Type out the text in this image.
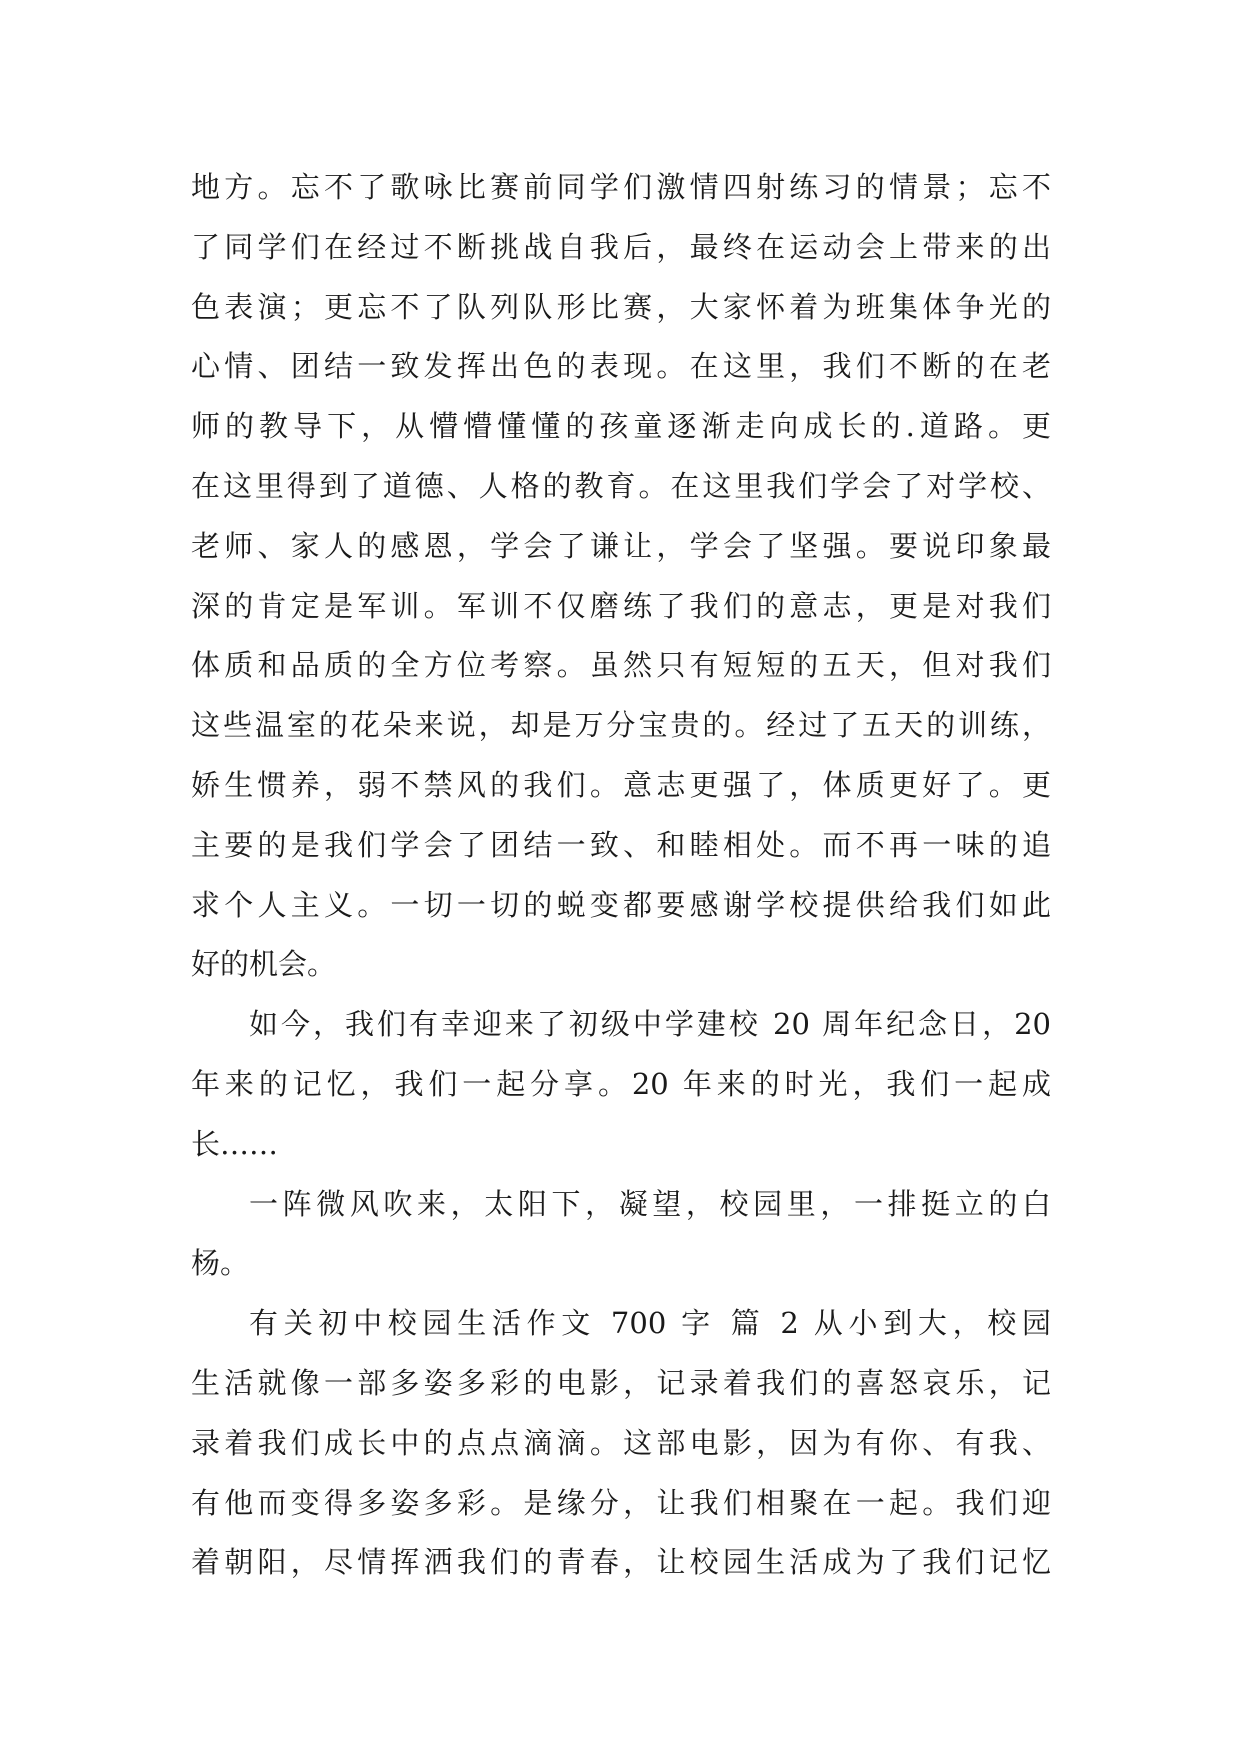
地方。忘不了歌咏比赛前同学们激情四射练习的情景；忘不
了同学们在经过不断挑战自我后，最终在运动会上带来的出
色表演；更忘不了队列队形比赛，大家怀着为班集体争光的
心情、团结一致发挥出色的表现。在这里，我们不断的在老
师的教导下，从懵懵懂懂的孩童逐渐走向成长的.道路。更
在这里得到了道德、人格的教育。在这里我们学会了对学校、
老师、家人的感恩，学会了谦让，学会了坚强。要说印象最
深的肯定是军训。军训不仅磨练了我们的意志，更是对我们
体质和品质的全方位考察。虽然只有短短的五天，但对我们
这些温室的花朵来说，却是万分宝贵的。经过了五天的训练，
娇生惯养，弱不禁风的我们。意志更强了，体质更好了。更
主要的是我们学会了团结一致、和睦相处。而不再一味的追
求个人主义。一切一切的蜕变都要感谢学校提供给我们如此
好的机会。
如今，我们有幸迎来了初级中学建校 20 周年纪念日，20
年来的记忆，我们一起分享。20 年来的时光，我们一起成
长……
一阵微风吹来，太阳下，凝望，校园里，一排挺立的白
杨。
有关初中校园生活作文 700 字 篇 2 从小到大，校园
生活就像一部多姿多彩的电影，记录着我们的喜怒哀乐，记
录着我们成长中的点点滴滴。这部电影，因为有你、有我、
有他而变得多姿多彩。是缘分，让我们相聚在一起。我们迎
着朝阳，尽情挥洒我们的青春，让校园生活成为了我们记忆
